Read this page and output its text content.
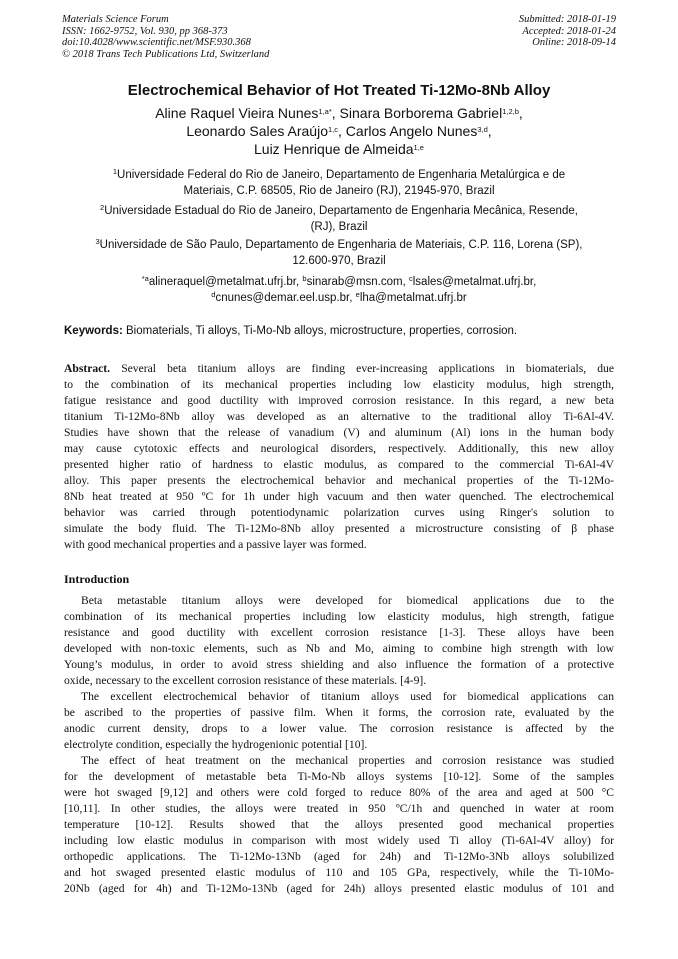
Materials Science Forum
ISSN: 1662-9752, Vol. 930, pp 368-373
doi:10.4028/www.scientific.net/MSF.930.368
© 2018 Trans Tech Publications Ltd, Switzerland
Submitted: 2018-01-19
Accepted: 2018-01-24
Online: 2018-09-14
Electrochemical Behavior of Hot Treated Ti-12Mo-8Nb Alloy
Aline Raquel Vieira Nunes$^{1,a*}$, Sinara Borborema Gabriel$^{1,2,b}$,
Leonardo Sales Araújo$^{1,c}$, Carlos Angelo Nunes$^{3,d}$,
Luiz Henrique de Almeida$^{1,e}$
$^1$Universidade Federal do Rio de Janeiro, Departamento de Engenharia Metalúrgica e de
Materiais, C.P. 68505, Rio de Janeiro (RJ), 21945-970, Brazil
$^2$Universidade Estadual do Rio de Janeiro, Departamento de Engenharia Mecânica, Resende,
(RJ), Brazil
$^3$Universidade de São Paulo, Departamento de Engenharia de Materiais, C.P. 116, Lorena (SP),
12.600-970, Brazil
$^{*a}$alineraquel@metalmat.ufrj.br, $^b$sinarab@msn.com, $^c$lsales@metalmat.ufrj.br,
$^d$cnunes@demar.eel.usp.br, $^e$lha@metalmat.ufrj.br
Keywords: Biomaterials, Ti alloys, Ti-Mo-Nb alloys, microstructure, properties, corrosion.
Abstract. Several beta titanium alloys are finding ever-increasing applications in biomaterials, due
to the combination of its mechanical properties including low elasticity modulus, high strength,
fatigue resistance and good ductility with improved corrosion resistance. In this regard, a new beta
titanium Ti-12Mo-8Nb alloy was developed as an alternative to the traditional alloy Ti-6Al-4V.
Studies have shown that the release of vanadium (V) and aluminum (Al) ions in the human body
may cause cytotoxic effects and neurological disorders, respectively. Additionally, this new alloy
presented higher ratio of hardness to elastic modulus, as compared to the commercial Ti-6Al-4V
alloy. This paper presents the electrochemical behavior and mechanical properties of the Ti-12Mo-
8Nb heat treated at 950 ºC for 1h under high vacuum and then water quenched. The electrochemical
behavior was carried through potentiodynamic polarization curves using Ringer's solution to
simulate the body fluid. The Ti-12Mo-8Nb alloy presented a microstructure consisting of β phase
with good mechanical properties and a passive layer was formed.
Introduction
Beta metastable titanium alloys were developed for biomedical applications due to the
combination of its mechanical properties including low elasticity modulus, high strength, fatigue
resistance and good ductility with excellent corrosion resistance [1-3]. These alloys have been
developed with non-toxic elements, such as Nb and Mo, aiming to combine high strength with low
Young’s modulus, in order to avoid stress shielding and also influence the formation of a protective
oxide, necessary to the excellent corrosion resistance of these materials. [4-9].
The excellent electrochemical behavior of titanium alloys used for biomedical applications can
be ascribed to the properties of passive film. When it forms, the corrosion rate, evaluated by the
anodic current density, drops to a lower value. The corrosion resistance is affected by the
electrolyte condition, especially the hydrogenionic potential [10].
The effect of heat treatment on the mechanical properties and corrosion resistance was studied
for the development of metastable beta Ti-Mo-Nb alloys systems [10-12]. Some of the samples
were hot swaged [9,12] and others were cold forged to reduce 80% of the area and aged at 500 °C
[10,11]. In other studies, the alloys were treated in 950 ºC/1h and quenched in water at room
temperature [10-12]. Results showed that the alloys presented good mechanical properties
including low elastic modulus in comparison with most widely used Ti alloy (Ti-6Al-4V alloy) for
orthopedic applications. The Ti-12Mo-13Nb (aged for 24h) and Ti-12Mo-3Nb alloys solubilized
and hot swaged presented elastic modulus of 110 and 105 GPa, respectively, while the Ti-10Mo-
20Nb (aged for 4h) and Ti-12Mo-13Nb (aged for 24h) alloys presented elastic modulus of 101 and
